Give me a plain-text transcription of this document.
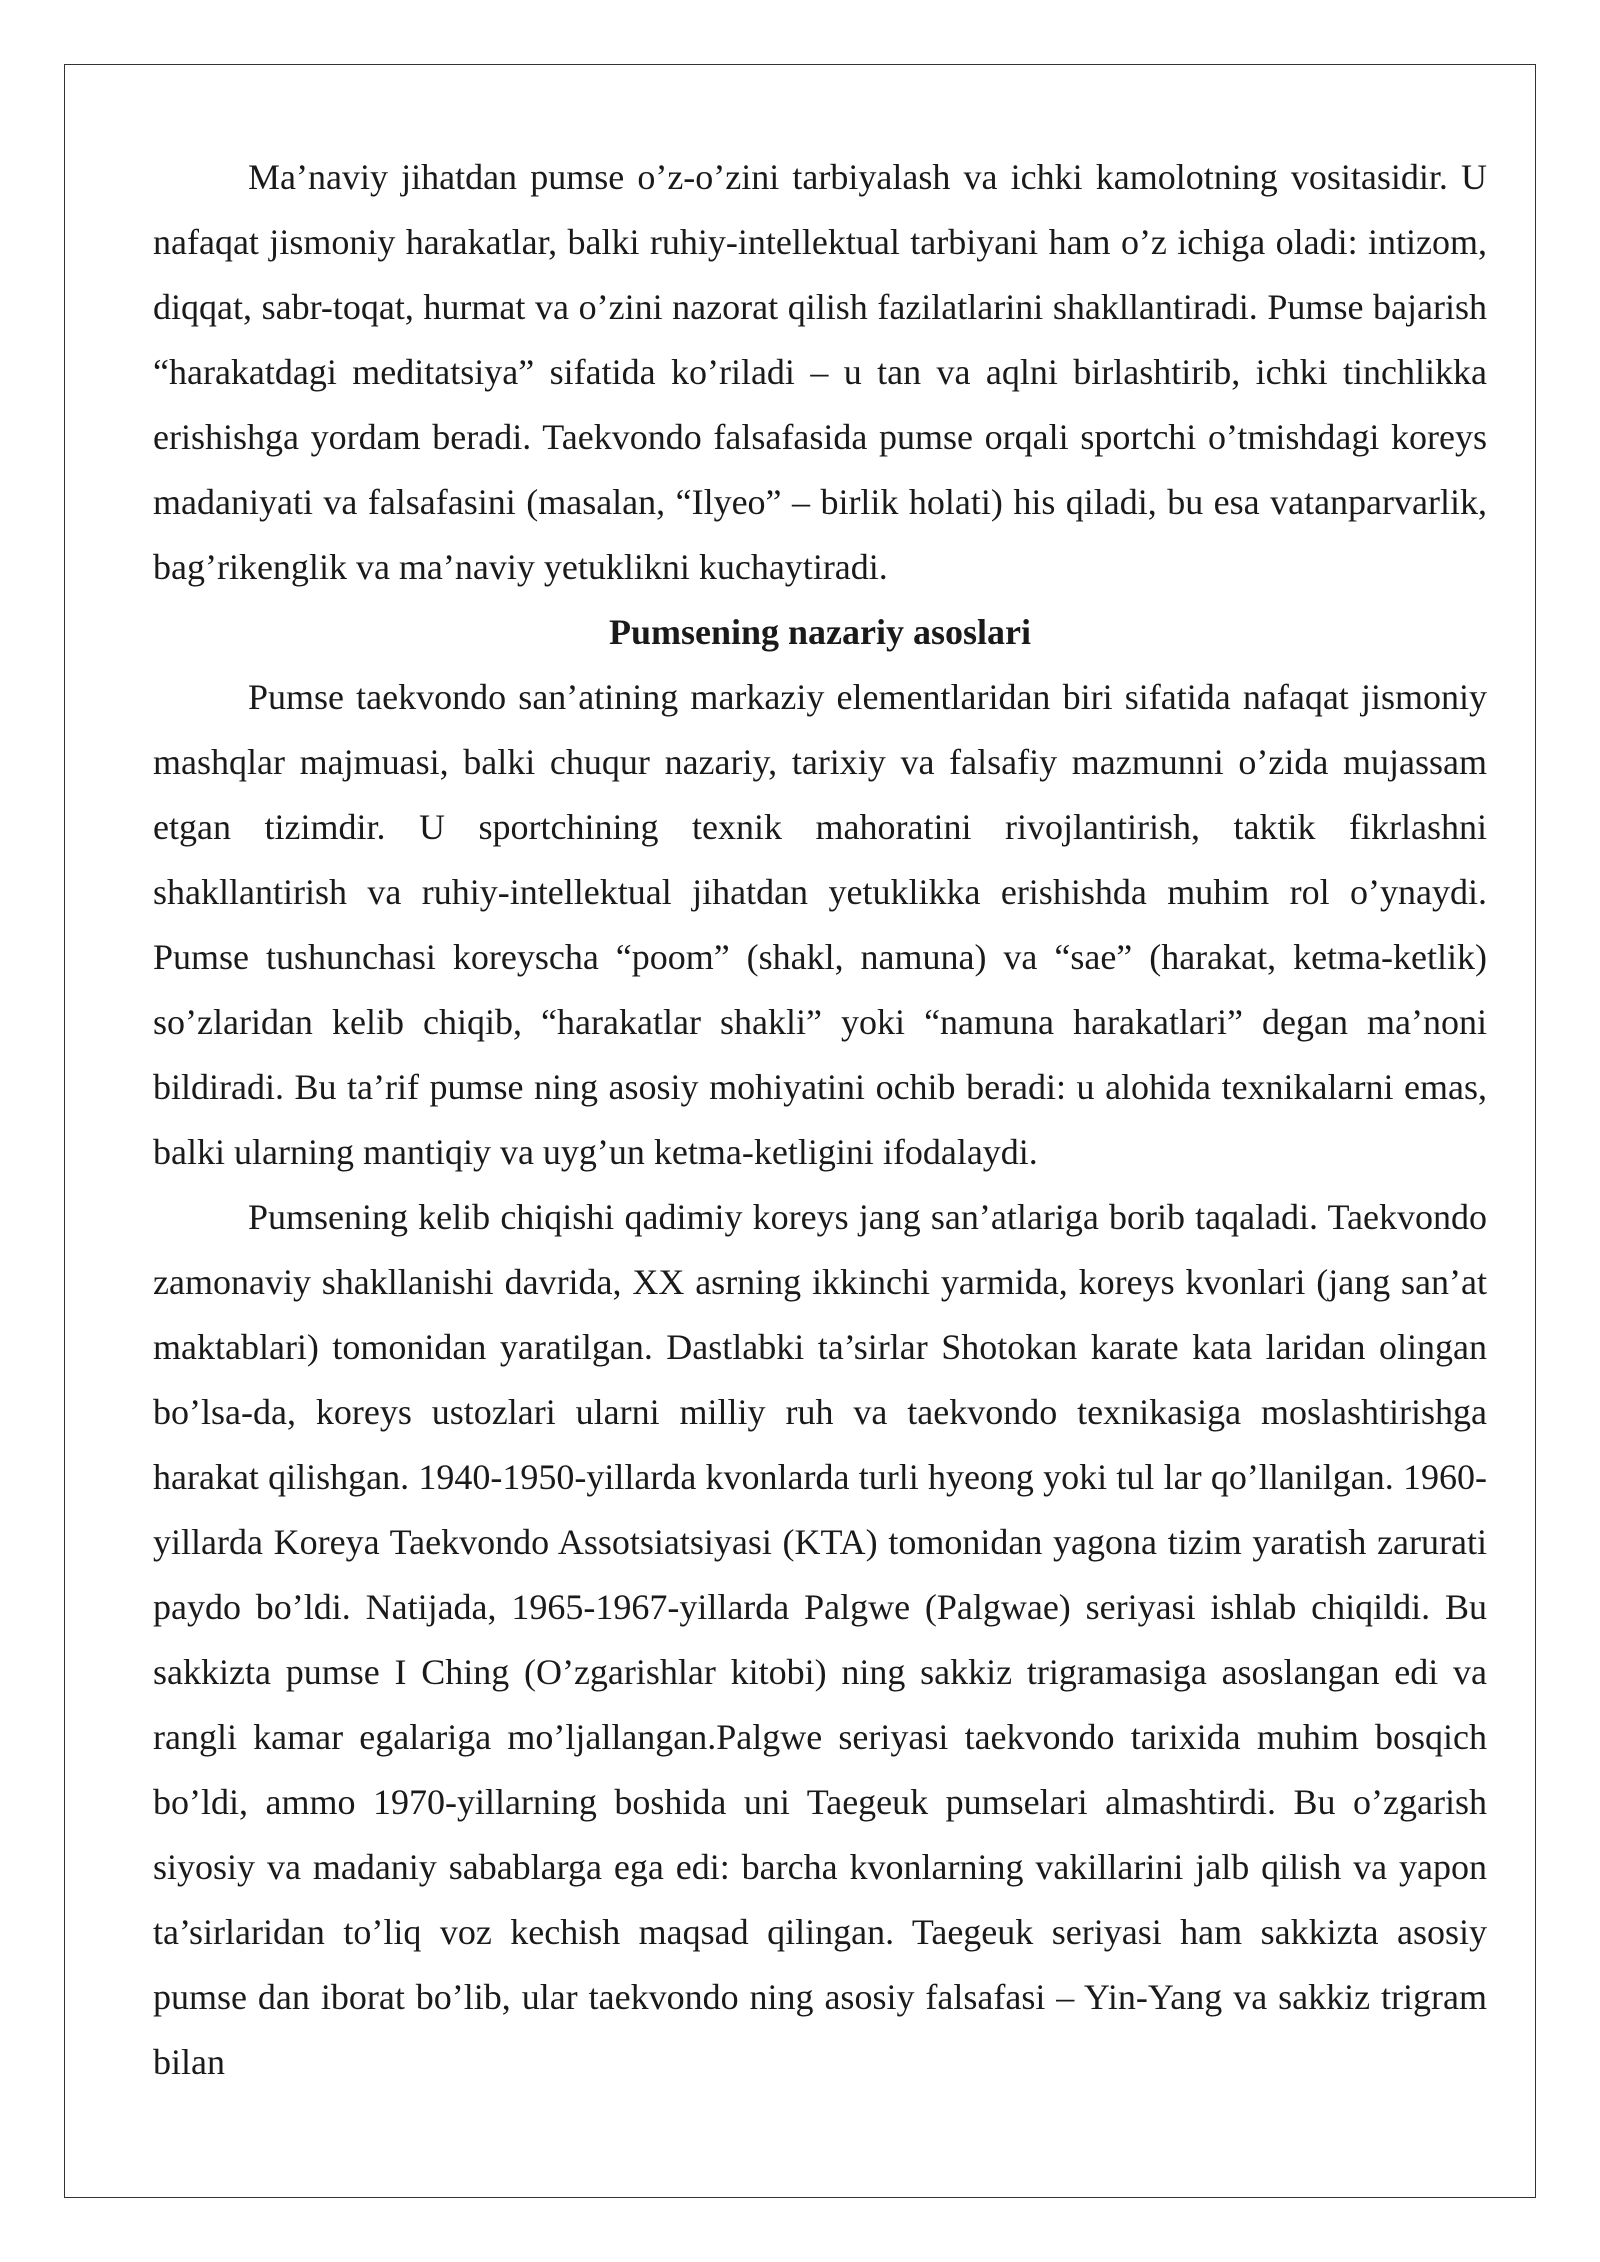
Ma’naviy jihatdan pumse o’z-o’zini tarbiyalash va ichki kamolotning vositasidir. U nafaqat jismoniy harakatlar, balki ruhiy-intellektual tarbiyani ham o’z ichiga oladi: intizom, diqqat, sabr-toqat, hurmat va o’zini nazorat qilish fazilatlarini shakllantiradi. Pumse bajarish “harakatdagi meditatsiya” sifatida ko’riladi – u tan va aqlni birlashtirib, ichki tinchlikka erishishga yordam beradi. Taekvondo falsafasida pumse orqali sportchi o’tmishdagi koreys madaniyati va falsafasini (masalan, “Ilyeo” – birlik holati) his qiladi, bu esa vatanparvarlik, bag’rikenglik va ma’naviy yetuklikni kuchaytiradi.

Pumsening nazariy asoslari

Pumse taekvondo san’atining markaziy elementlaridan biri sifatida nafaqat jismoniy mashqlar majmuasi, balki chuqur nazariy, tarixiy va falsafiy mazmunni o’zida mujassam etgan tizimdir. U sportchining texnik mahoratini rivojlantirish, taktik fikrlashni shakllantirish va ruhiy-intellektual jihatdan yetuklikka erishishda muhim rol o’ynaydi. Pumse tushunchasi koreyscha “poom” (shakl, namuna) va “sae” (harakat, ketma-ketlik) so’zlaridan kelib chiqib, “harakatlar shakli” yoki “namuna harakatlari” degan ma’noni bildiradi. Bu ta’rif pumse ning asosiy mohiyatini ochib beradi: u alohida texnikalarni emas, balki ularning mantiqiy va uyg’un ketma-ketligini ifodalaydi.

Pumsening kelib chiqishi qadimiy koreys jang san’atlariga borib taqaladi. Taekvondo zamonaviy shakllanishi davrida, XX asrning ikkinchi yarmida, koreys kvonlari (jang san’at maktablari) tomonidan yaratilgan. Dastlabki ta’sirlar Shotokan karate kata laridan olingan bo’lsa-da, koreys ustozlari ularni milliy ruh va taekvondo texnikasiga moslashtirishga harakat qilishgan. 1940-1950-yillarda kvonlarda turli hyeong yoki tul lar qo’llanilgan. 1960-yillarda Koreya Taekvondo Assotsiatsiyasi (KTA) tomonidan yagona tizim yaratish zarurati paydo bo’ldi. Natijada, 1965-1967-yillarda Palgwe (Palgwae) seriyasi ishlab chiqildi. Bu sakkizta pumse I Ching (O’zgarishlar kitobi) ning sakkiz trigramasiga asoslangan edi va rangli kamar egalariga mo’ljallangan.Palgwe seriyasi taekvondo tarixida muhim bosqich bo’ldi, ammo 1970-yillarning boshida uni Taegeuk pumselari almashtirdi. Bu o’zgarish siyosiy va madaniy sabablarga ega edi: barcha kvonlarning vakillarini jalb qilish va yapon ta’sirlaridan to’liq voz kechish maqsad qilingan. Taegeuk seriyasi ham sakkizta asosiy pumse dan iborat bo’lib, ular taekvondo ning asosiy falsafasi – Yin-Yang va sakkiz trigram bilan
